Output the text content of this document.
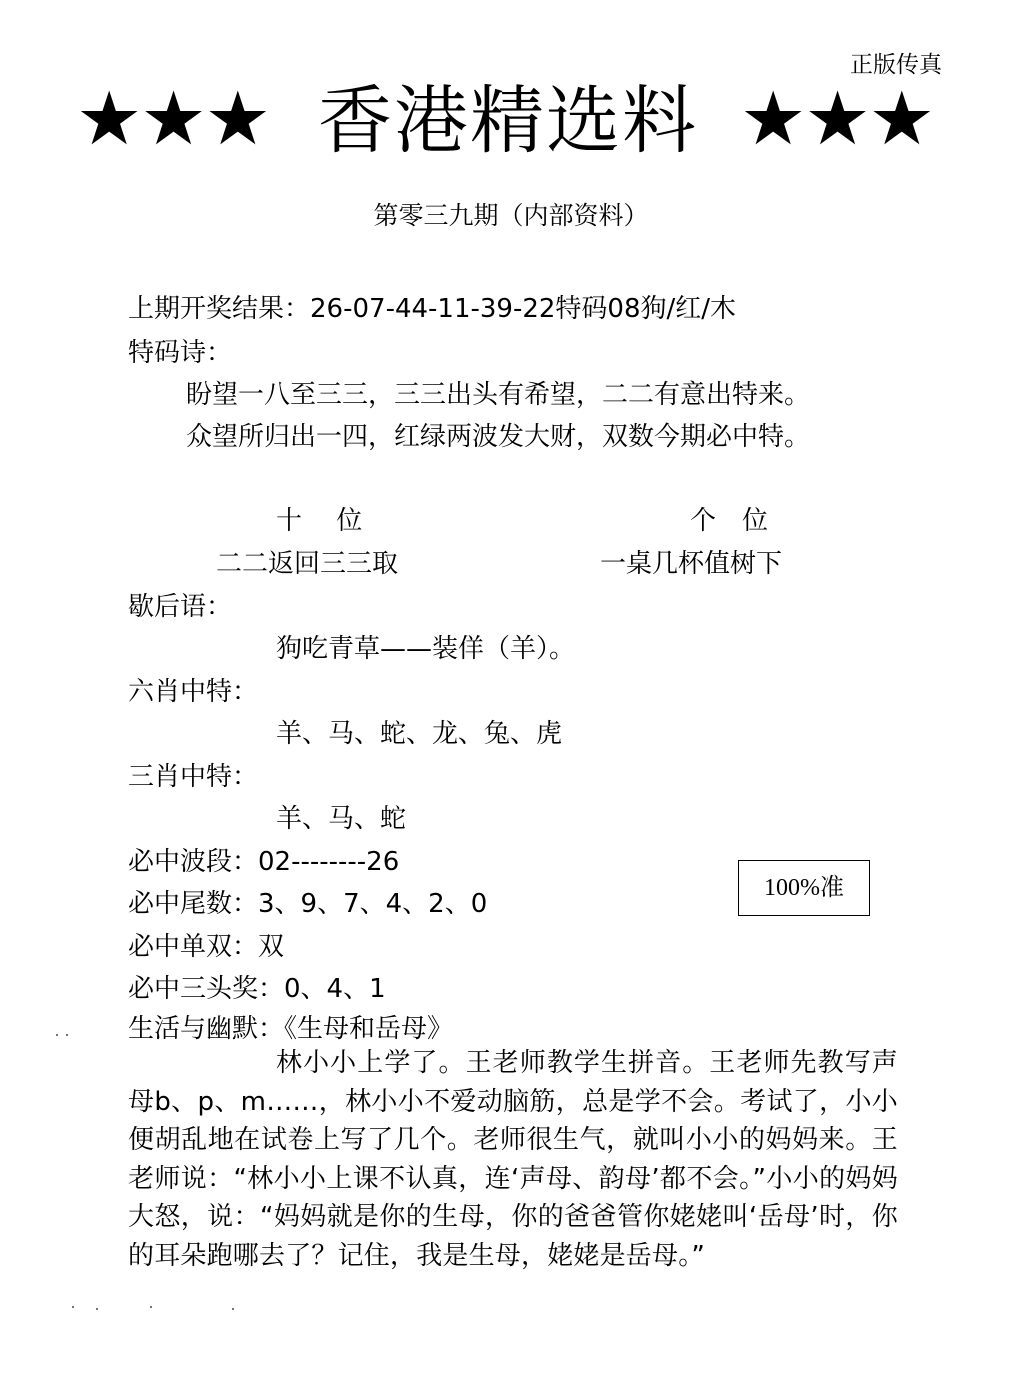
正版传真
★★★ 香港精选料 ★★★
第零三九期（内部资料）
上期开奖结果：26-07-44-11-39-22特码08狗/红/木
特码诗：
盼望一八至三三，三三出头有希望，二二有意出特来。
众望所归出一四，红绿两波发大财，双数今期必中特。
十　 位	个　位
二二返回三三取	一桌几杯值树下
歇后语：
狗吃青草——装佯（羊）。
六肖中特：
羊、马、蛇、龙、兔、虎
三肖中特：
羊、马、蛇
必中波段：02--------26
必中尾数：3、9、7、4、2、0
必中单双：双
必中三头奖：0、4、1
100%准
生活与幽默：《生母和岳母》
林小小上学了。王老师教学生拼音。王老师先教写声母b、p、m……，林小小不爱动脑筋，总是学不会。考试了，小小便胡乱地在试卷上写了几个。老师很生气，就叫小小的妈妈来。王老师说：“林小小上课不认真，连‘声母、韵母’都不会。”小小的妈妈大怒，说：“妈妈就是你的生母，你的爸爸管你姥姥叫‘岳母’时，你的耳朵跑哪去了？记住，我是生母，姥姥是岳母。”
